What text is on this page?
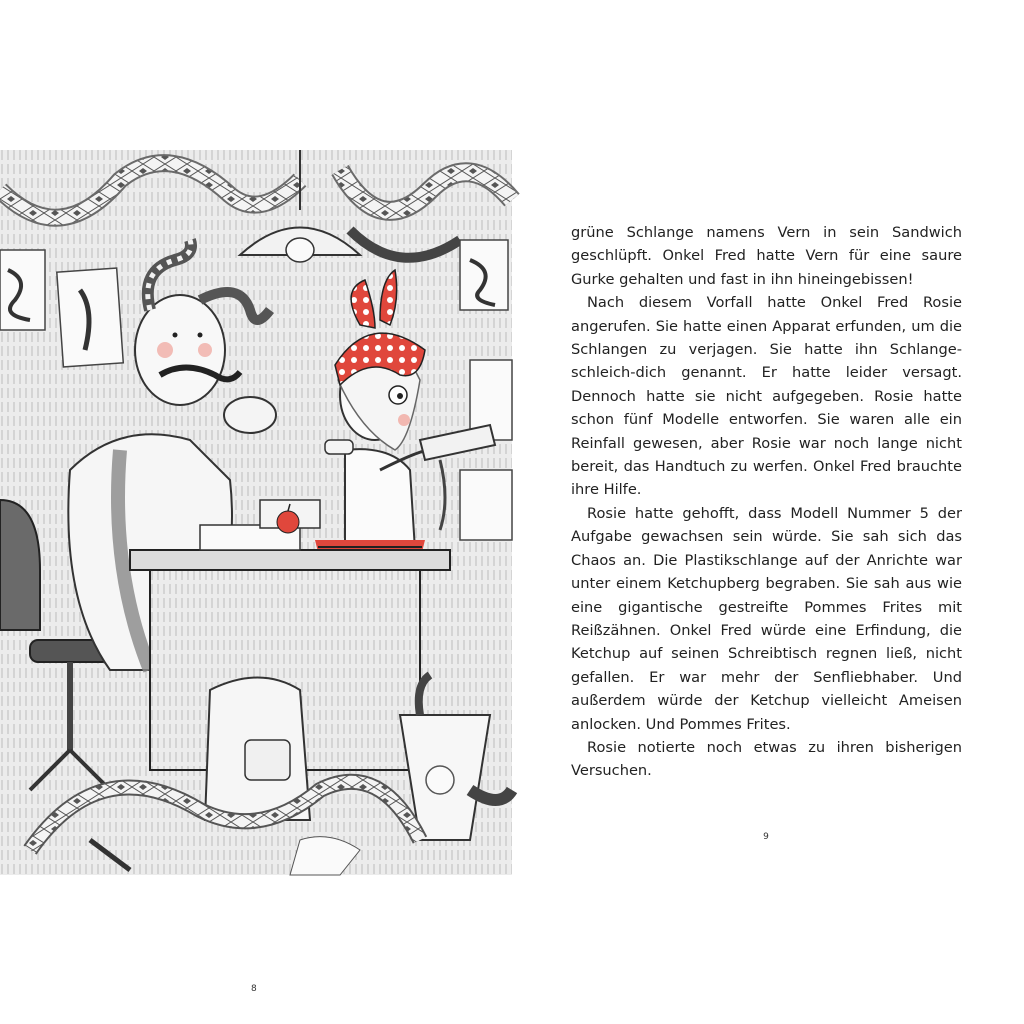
8

grüne Schlange namens Vern in sein Sandwich geschlüpft. Onkel Fred hatte Vern für eine saure Gurke gehalten und fast in ihn hineingebissen!

Nach diesem Vorfall hatte Onkel Fred Rosie angerufen. Sie hatte einen Apparat erfunden, um die Schlangen zu verjagen. Sie hatte ihn Schlange-schleich-dich genannt. Er hatte leider versagt. Dennoch hatte sie nicht aufgegeben. Rosie hatte schon fünf Modelle entworfen. Sie waren alle ein Reinfall gewesen, aber Rosie war noch lange nicht bereit, das Handtuch zu werfen. Onkel Fred brauchte ihre Hilfe.

Rosie hatte gehofft, dass Modell Nummer 5 der Aufgabe gewachsen sein würde. Sie sah sich das Chaos an. Die Plastikschlange auf der Anrichte war unter einem Ketchupberg begraben. Sie sah aus wie eine gigantische gestreifte Pommes Frites mit Reißzähnen. Onkel Fred würde eine Erfindung, die Ketchup auf seinen Schreibtisch regnen ließ, nicht gefallen. Er war mehr der Senfliebhaber. Und außerdem würde der Ketchup vielleicht Ameisen anlocken. Und Pommes Frites.

Rosie notierte noch etwas zu ihren bisherigen Versuchen.

9
